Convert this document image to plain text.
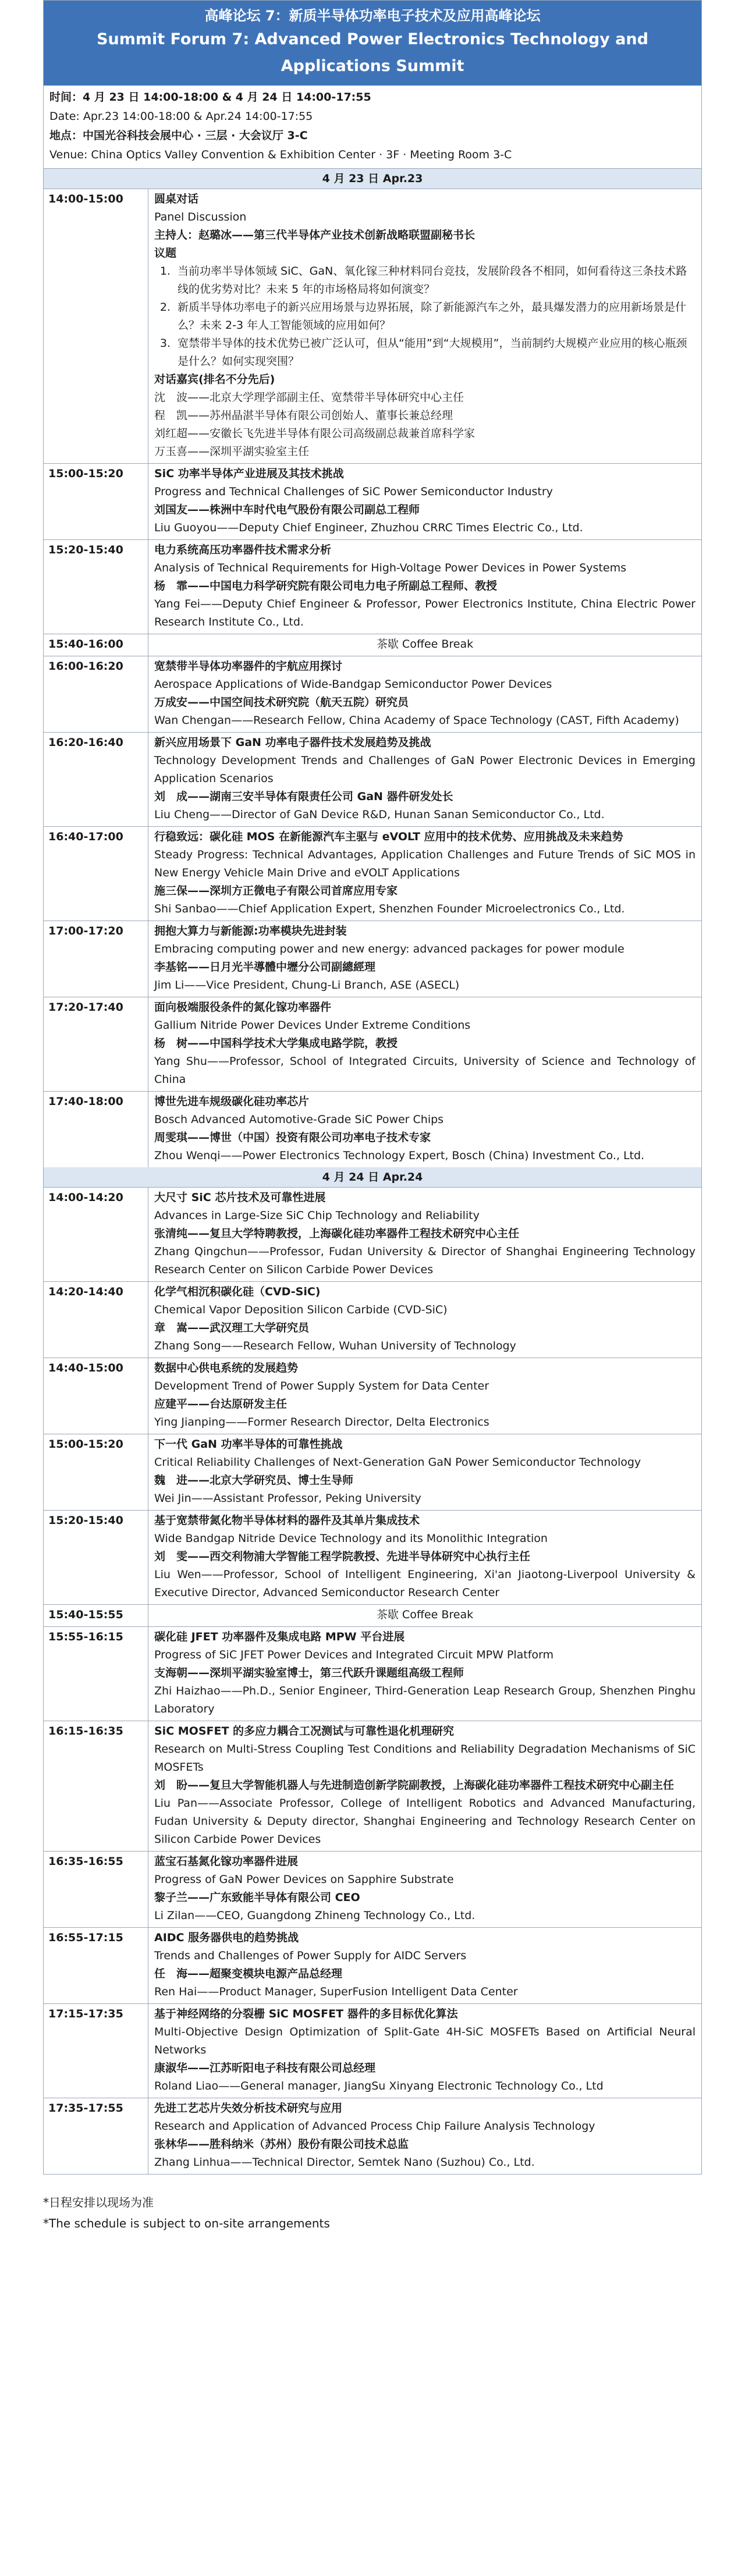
高峰论坛 7：新质半导体功率电子技术及应用高峰论坛
Summit Forum 7: Advanced Power Electronics Technology and Applications Summit
时间：4 月 23 日 14:00-18:00 & 4 月 24 日 14:00-17:55
Date: Apr.23 14:00-18:00 & Apr.24 14:00-17:55
地点：中国光谷科技会展中心 · 三层 · 大会议厅 3-C
Venue: China Optics Valley Convention & Exhibition Center · 3F · Meeting Room 3-C
4 月 23 日 Apr.23
14:00-15:00	圆桌对话
Panel Discussion
主持人：赵璐冰——第三代半导体产业技术创新战略联盟副秘书长
议题
1. 当前功率半导体领域 SiC、GaN、氧化镓三种材料同台竞技，发展阶段各不相同，如何看待这三条技术路线的优劣势对比？未来 5 年的市场格局将如何演变？
2. 新质半导体功率电子的新兴应用场景与边界拓展，除了新能源汽车之外，最具爆发潜力的应用新场景是什么？未来 2-3 年人工智能领域的应用如何？
3. 宽禁带半导体的技术优势已被广泛认可，但从“能用”到“大规模用”，当前制约大规模产业应用的核心瓶颈是什么？如何实现突围？
对话嘉宾(排名不分先后)
沈　波——北京大学理学部副主任、宽禁带半导体研究中心主任
程　凯——苏州晶湛半导体有限公司创始人、董事长兼总经理
刘红超——安徽长飞先进半导体有限公司高级副总裁兼首席科学家
万玉喜——深圳平湖实验室主任
15:00-15:20	SiC 功率半导体产业进展及其技术挑战
Progress and Technical Challenges of SiC Power Semiconductor Industry
刘国友——株洲中车时代电气股份有限公司副总工程师
Liu Guoyou——Deputy Chief Engineer, Zhuzhou CRRC Times Electric Co., Ltd.
15:20-15:40	电力系统高压功率器件技术需求分析
Analysis of Technical Requirements for High-Voltage Power Devices in Power Systems
杨　霏——中国电力科学研究院有限公司电力电子所副总工程师、教授
Yang Fei——Deputy Chief Engineer & Professor, Power Electronics Institute, China Electric Power Research Institute Co., Ltd.
15:40-16:00	茶歇 Coffee Break
16:00-16:20	宽禁带半导体功率器件的宇航应用探讨
Aerospace Applications of Wide-Bandgap Semiconductor Power Devices
万成安——中国空间技术研究院（航天五院）研究员
Wan Chengan——Research Fellow, China Academy of Space Technology (CAST, Fifth Academy)
16:20-16:40	新兴应用场景下 GaN 功率电子器件技术发展趋势及挑战
Technology Development Trends and Challenges of GaN Power Electronic Devices in Emerging Application Scenarios
刘　成——湖南三安半导体有限责任公司 GaN 器件研发处长
Liu Cheng——Director of GaN Device R&D, Hunan Sanan Semiconductor Co., Ltd.
16:40-17:00	行稳致远：碳化硅 MOS 在新能源汽车主驱与 eVOLT 应用中的技术优势、应用挑战及未来趋势
Steady Progress: Technical Advantages, Application Challenges and Future Trends of SiC MOS in New Energy Vehicle Main Drive and eVOLT Applications
施三保——深圳方正微电子有限公司首席应用专家
Shi Sanbao——Chief Application Expert, Shenzhen Founder Microelectronics Co., Ltd.
17:00-17:20	拥抱大算力与新能源:功率模块先进封装
Embracing computing power and new energy: advanced packages for power module
李基铭——日月光半導體中壢分公司副總經理
Jim Li——Vice President, Chung-Li Branch, ASE (ASECL)
17:20-17:40	面向极端服役条件的氮化镓功率器件
Gallium Nitride Power Devices Under Extreme Conditions
杨　树——中国科学技术大学集成电路学院，教授
Yang Shu——Professor, School of Integrated Circuits, University of Science and Technology of China
17:40-18:00	博世先进车规级碳化硅功率芯片
Bosch Advanced Automotive-Grade SiC Power Chips
周雯琪——博世（中国）投资有限公司功率电子技术专家
Zhou Wenqi——Power Electronics Technology Expert, Bosch (China) Investment Co., Ltd.
4 月 24 日 Apr.24
14:00-14:20	大尺寸 SiC 芯片技术及可靠性进展
Advances in Large-Size SiC Chip Technology and Reliability
张清纯——复旦大学特聘教授，上海碳化硅功率器件工程技术研究中心主任
Zhang Qingchun——Professor, Fudan University & Director of Shanghai Engineering Technology Research Center on Silicon Carbide Power Devices
14:20-14:40	化学气相沉积碳化硅（CVD-SiC)
Chemical Vapor Deposition Silicon Carbide (CVD-SiC)
章　嵩——武汉理工大学研究员
Zhang Song——Research Fellow, Wuhan University of Technology
14:40-15:00	数据中心供电系统的发展趋势
Development Trend of Power Supply System for Data Center
应建平——台达原研发主任
Ying Jianping——Former Research Director, Delta Electronics
15:00-15:20	下一代 GaN 功率半导体的可靠性挑战
Critical Reliability Challenges of Next-Generation GaN Power Semiconductor Technology
魏　进——北京大学研究员、博士生导师
Wei Jin——Assistant Professor, Peking University
15:20-15:40	基于宽禁带氮化物半导体材料的器件及其单片集成技术
Wide Bandgap Nitride Device Technology and its Monolithic Integration
刘　雯——西交利物浦大学智能工程学院教授、先进半导体研究中心执行主任
Liu Wen——Professor, School of Intelligent Engineering, Xi'an Jiaotong-Liverpool University & Executive Director, Advanced Semiconductor Research Center
15:40-15:55	茶歇 Coffee Break
15:55-16:15	碳化硅 JFET 功率器件及集成电路 MPW 平台进展
Progress of SiC JFET Power Devices and Integrated Circuit MPW Platform
支海朝——深圳平湖实验室博士，第三代跃升课题组高级工程师
Zhi Haizhao——Ph.D., Senior Engineer, Third-Generation Leap Research Group, Shenzhen Pinghu Laboratory
16:15-16:35	SiC MOSFET 的多应力耦合工况测试与可靠性退化机理研究
Research on Multi-Stress Coupling Test Conditions and Reliability Degradation Mechanisms of SiC MOSFETs
刘　盼——复旦大学智能机器人与先进制造创新学院副教授，上海碳化硅功率器件工程技术研究中心副主任
Liu Pan——Associate Professor, College of Intelligent Robotics and Advanced Manufacturing, Fudan University & Deputy director, Shanghai Engineering and Technology Research Center on Silicon Carbide Power Devices
16:35-16:55	蓝宝石基氮化镓功率器件进展
Progress of GaN Power Devices on Sapphire Substrate
黎子兰——广东致能半导体有限公司 CEO
Li Zilan——CEO, Guangdong Zhineng Technology Co., Ltd.
16:55-17:15	AIDC 服务器供电的趋势挑战
Trends and Challenges of Power Supply for AIDC Servers
任　海——超聚变模块电源产品总经理
Ren Hai——Product Manager, SuperFusion Intelligent Data Center
17:15-17:35	基于神经网络的分裂栅 SiC MOSFET 器件的多目标优化算法
Multi-Objective Design Optimization of Split-Gate 4H-SiC MOSFETs Based on Artificial Neural Networks
康淑华——江苏昕阳电子科技有限公司总经理
Roland Liao——General manager, JiangSu Xinyang Electronic Technology Co., Ltd
17:35-17:55	先进工艺芯片失效分析技术研究与应用
Research and Application of Advanced Process Chip Failure Analysis Technology
张林华——胜科纳米（苏州）股份有限公司技术总监
Zhang Linhua——Technical Director, Semtek Nano (Suzhou) Co., Ltd.
*日程安排以现场为准
*The schedule is subject to on-site arrangements
